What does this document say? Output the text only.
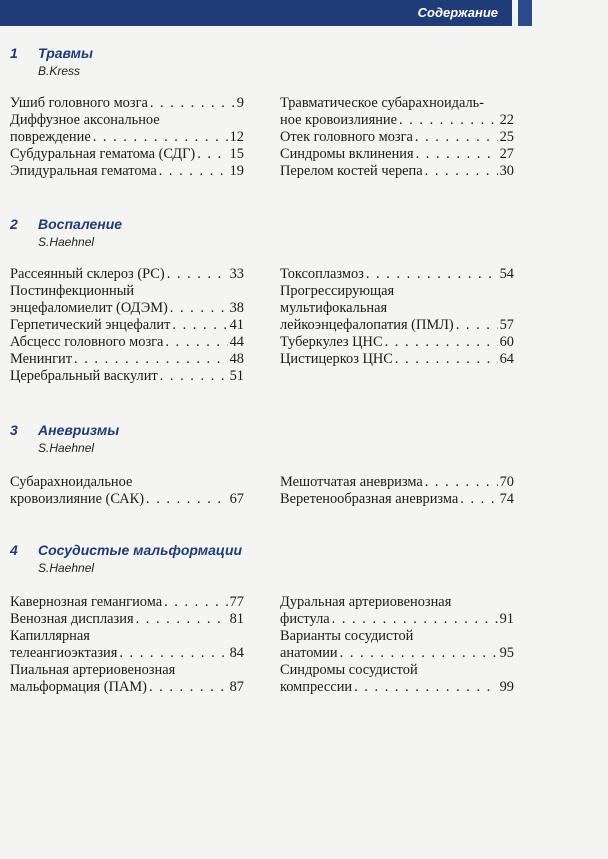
Содержание
1 Травмы
B.Kress
Ушиб головного мозга . . .	9
Диффузное аксональное
повреждение . . .	12
Субдуральная гематома (СДГ) . . . 15
Эпидуральная гематома . . .	19
Травматическое субарахноидаль-
ное кровоизлияние . . .	22
Отек головного мозга . . .	25
Синдромы вклинения . . .	27
Перелом костей черепа . . .	30
2 Воспаление
S.Haehnel
Рассеянный склероз (РС) . . .	33
Постинфекционный
энцефаломиелит (ОДЭМ) . . .	38
Герпетический энцефалит . . .	41
Абсцесс головного мозга . . .	44
Менингит . . .	48
Церебральный васкулит . . .	51
Токсоплазмоз . . .	54
Прогрессирующая
мультифокальная
лейкоэнцефалопатия (ПМЛ) . . .	57
Туберкулез ЦНС . . .	60
Цистицеркоз ЦНС . . .	64
3 Аневризмы
S.Haehnel
Субарахноидальное
кровоизлияние (САК) . . .	67
Мешотчатая аневризма . . .	70
Веретенообразная аневризма . . .	74
4 Сосудистые мальформации
S.Haehnel
Кавернозная гемангиома . . .	77
Венозная дисплазия . . .	81
Капиллярная
телеангиоэктазия . . .	84
Пиальная артериовенозная
мальформация (ПАМ) . . .	87
Дуральная артериовенозная
фистула . . .	91
Варианты сосудистой
анатомии . . .	95
Синдромы сосудистой
компрессии . . .	99
